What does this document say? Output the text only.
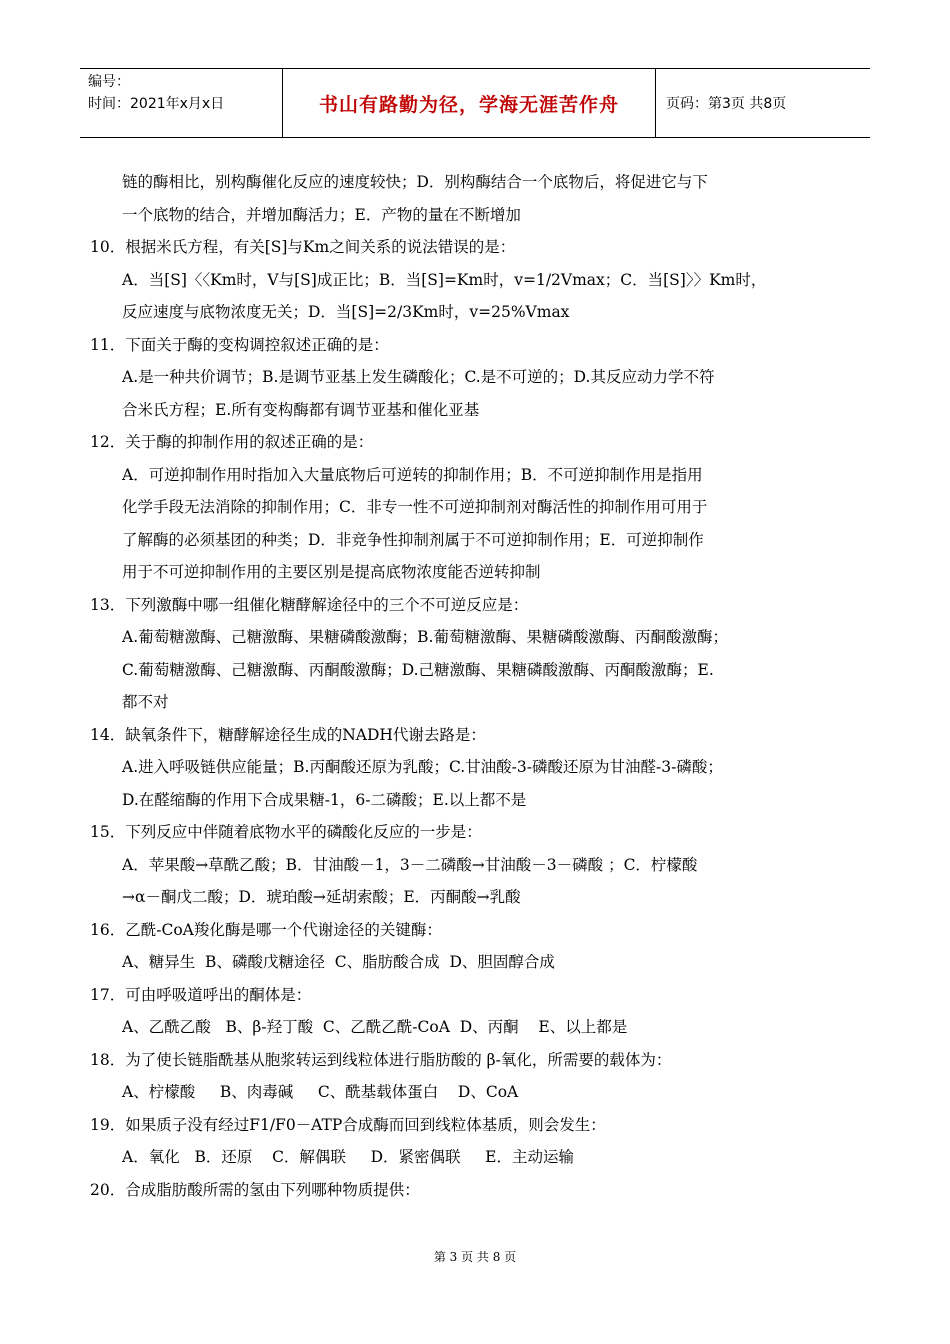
编号：
时间：2021年x月x日	书山有路勤为径，学海无涯苦作舟	页码：第3页 共8页
链的酶相比，别构酶催化反应的速度较快；D．别构酶结合一个底物后，将促进它与下
一个底物的结合，并增加酶活力；E．产物的量在不断增加
10．根据米氏方程，有关[S]与Km之间关系的说法错误的是：
A．当[S]〈〈Km时，V与[S]成正比；B．当[S]=Km时，v=1/2Vmax；C．当[S]〉〉Km时，
反应速度与底物浓度无关；D．当[S]=2/3Km时，v=25%Vmax
11．下面关于酶的变构调控叙述正确的是：
A.是一种共价调节；B.是调节亚基上发生磷酸化；C.是不可逆的；D.其反应动力学不符
合米氏方程；E.所有变构酶都有调节亚基和催化亚基
12．关于酶的抑制作用的叙述正确的是：
A．可逆抑制作用时指加入大量底物后可逆转的抑制作用；B．不可逆抑制作用是指用
化学手段无法消除的抑制作用；C．非专一性不可逆抑制剂对酶活性的抑制作用可用于
了解酶的必须基团的种类；D．非竞争性抑制剂属于不可逆抑制作用；E．可逆抑制作
用于不可逆抑制作用的主要区别是提高底物浓度能否逆转抑制
13．下列激酶中哪一组催化糖酵解途径中的三个不可逆反应是：
A.葡萄糖激酶、己糖激酶、果糖磷酸激酶；B.葡萄糖激酶、果糖磷酸激酶、丙酮酸激酶；
C.葡萄糖激酶、己糖激酶、丙酮酸激酶；D.己糖激酶、果糖磷酸激酶、丙酮酸激酶；E.
都不对
14．缺氧条件下，糖酵解途径生成的NADH代谢去路是：
A.进入呼吸链供应能量；B.丙酮酸还原为乳酸；C.甘油酸-3-磷酸还原为甘油醛-3-磷酸；
D.在醛缩酶的作用下合成果糖-1，6-二磷酸；E.以上都不是
15．下列反应中伴随着底物水平的磷酸化反应的一步是：
A．苹果酸→草酰乙酸；B．甘油酸－1，3－二磷酸→甘油酸－3－磷酸 ；C．柠檬酸
→α－酮戊二酸；D．琥珀酸→延胡索酸；E．丙酮酸→乳酸
16．乙酰-CoA羧化酶是哪一个代谢途径的关键酶：
A、糖异生  B、磷酸戊糖途径  C、脂肪酸合成  D、胆固醇合成
17．可由呼吸道呼出的酮体是：
A、乙酰乙酸   B、β-羟丁酸  C、乙酰乙酰-CoA  D、丙酮    E、以上都是
18．为了使长链脂酰基从胞浆转运到线粒体进行脂肪酸的 β-氧化，所需要的载体为：
A、柠檬酸     B、肉毒碱     C、酰基载体蛋白    D、CoA
19．如果质子没有经过F1/F0－ATP合成酶而回到线粒体基质，则会发生：
A．氧化   B．还原    C．解偶联     D．紧密偶联     E．主动运输
20．合成脂肪酸所需的氢由下列哪种物质提供：
第 3 页 共 8 页
